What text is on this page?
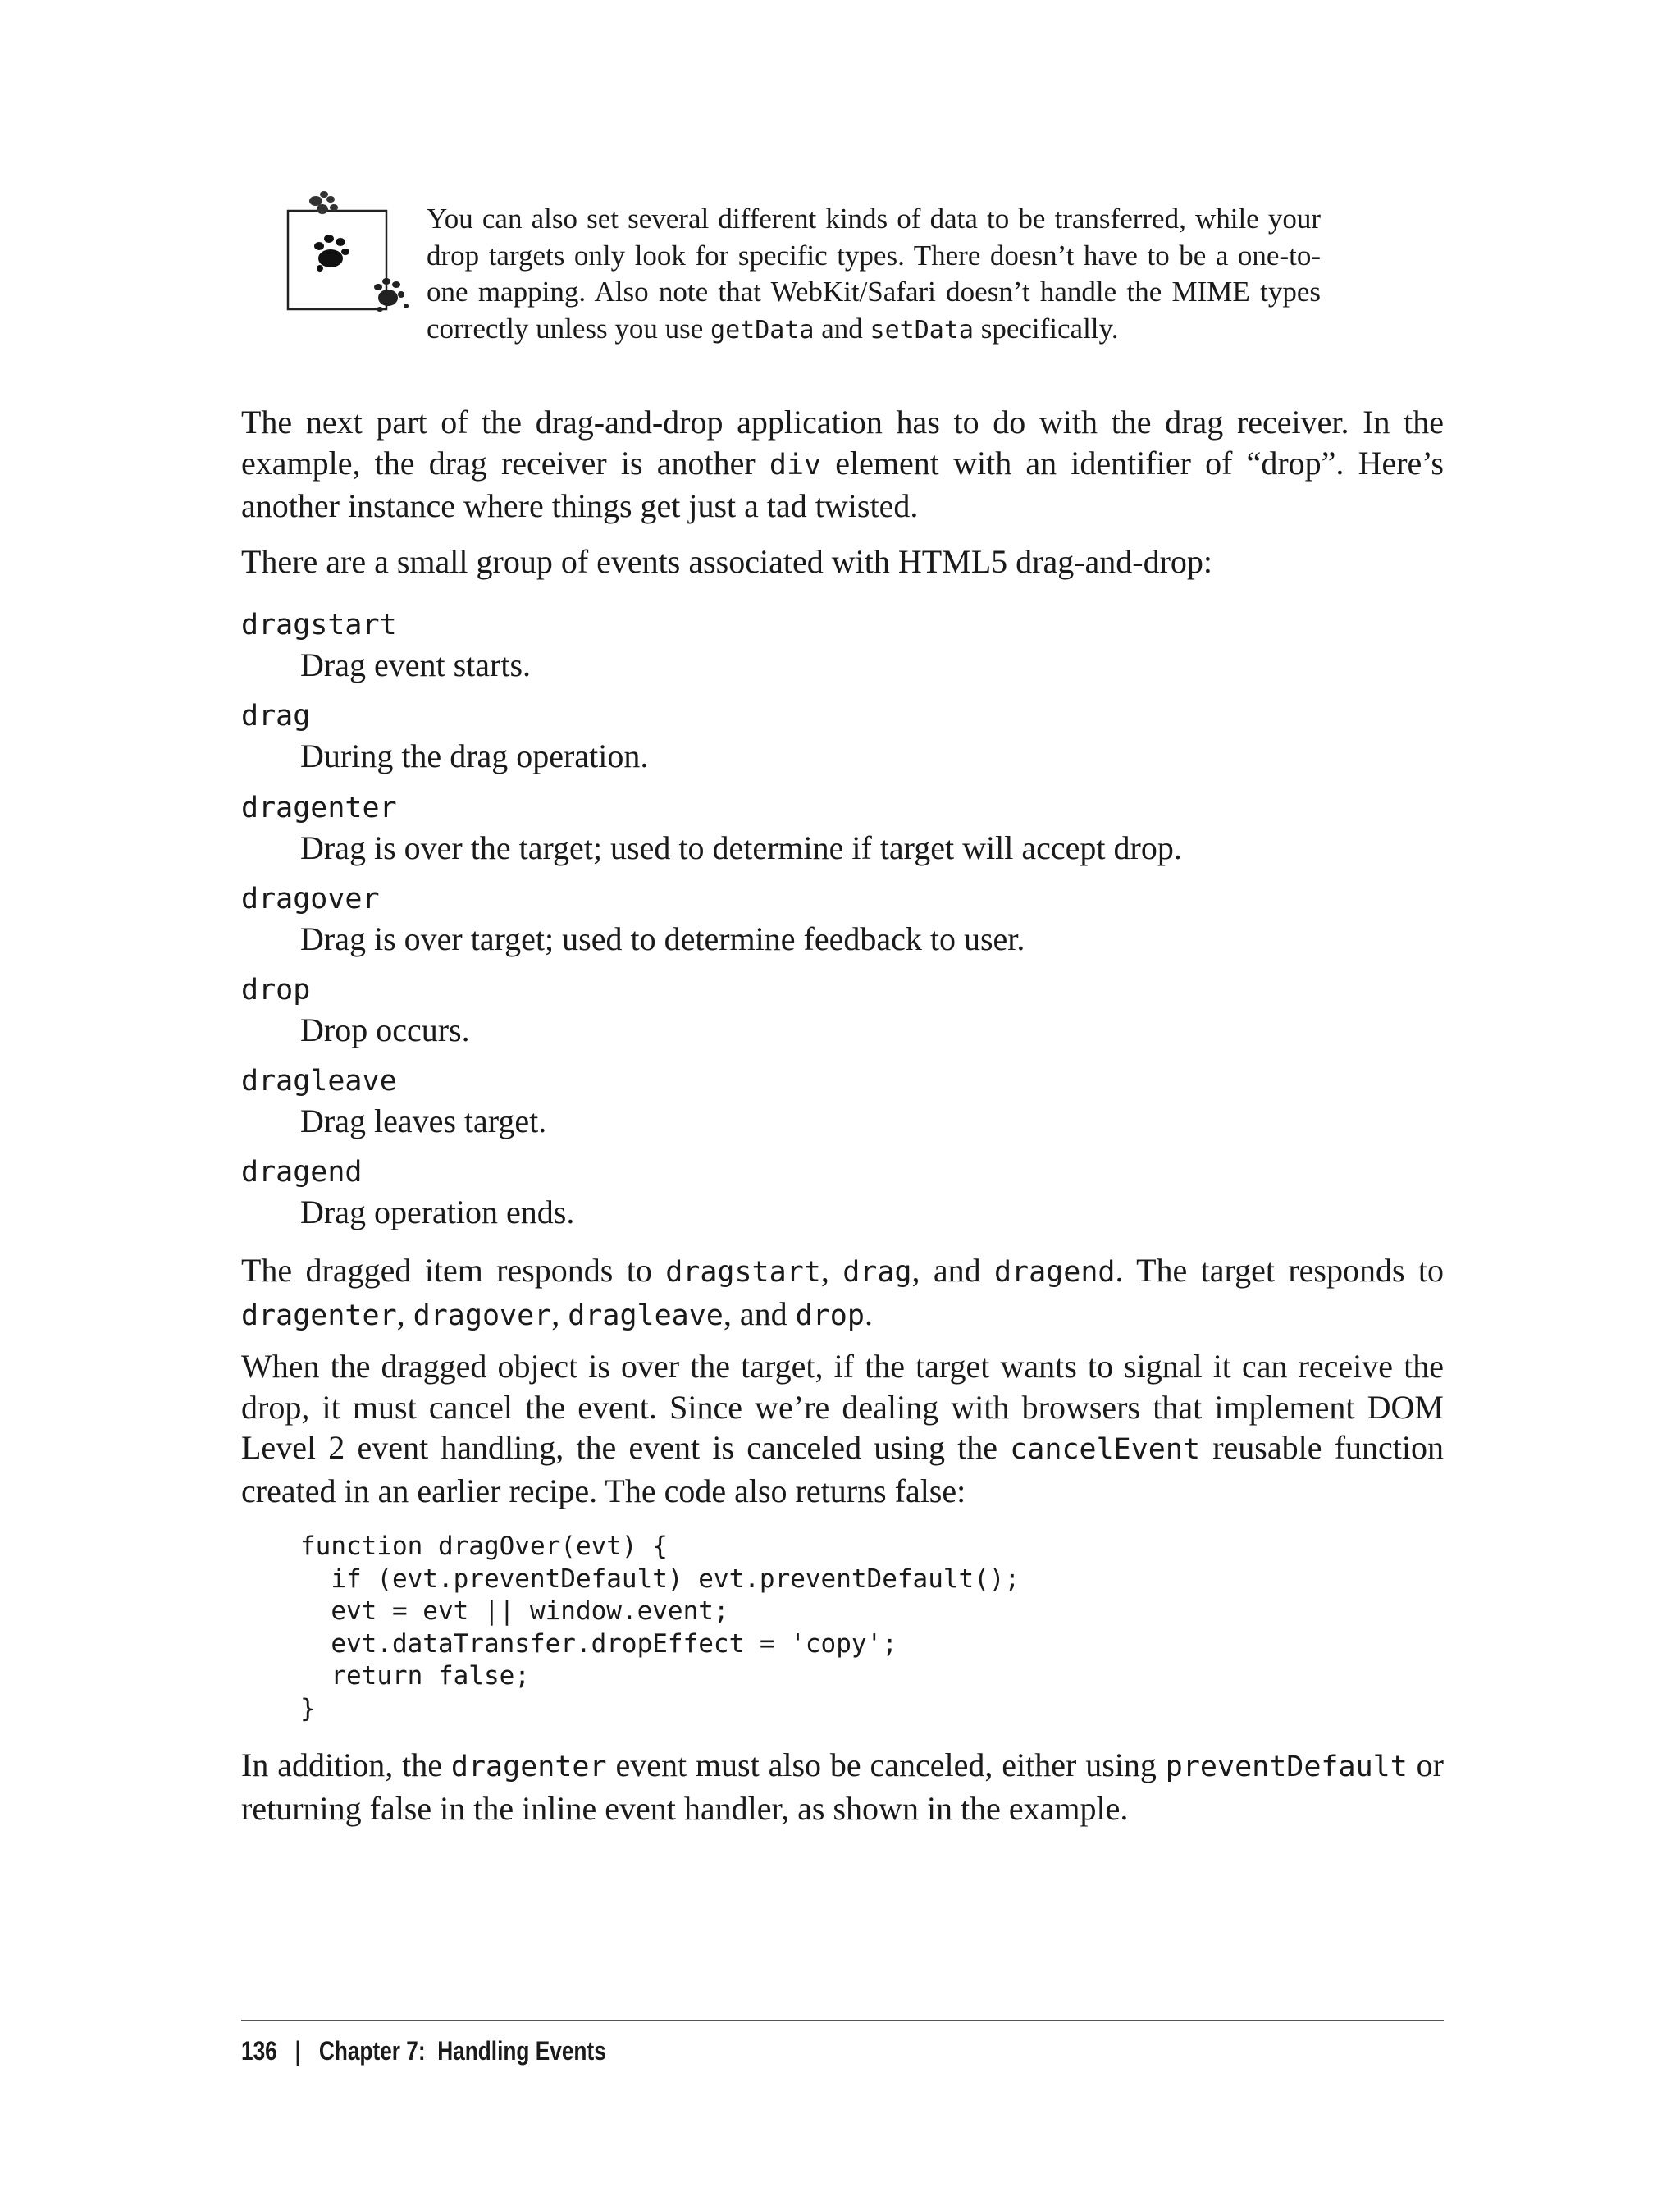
You can also set several different kinds of data to be transferred, while your drop targets only look for specific types. There doesn’t have to be a one-to-one mapping. Also note that WebKit/Safari doesn’t handle the MIME types correctly unless you use getData and setData specifically.

The next part of the drag-and-drop application has to do with the drag receiver. In the example, the drag receiver is another div element with an identifier of “drop”. Here’s another instance where things get just a tad twisted.

There are a small group of events associated with HTML5 drag-and-drop:

dragstart
Drag event starts.
drag
During the drag operation.
dragenter
Drag is over the target; used to determine if target will accept drop.
dragover
Drag is over target; used to determine feedback to user.
drop
Drop occurs.
dragleave
Drag leaves target.
dragend
Drag operation ends.

The dragged item responds to dragstart, drag, and dragend. The target responds to dragenter, dragover, dragleave, and drop.

When the dragged object is over the target, if the target wants to signal it can receive the drop, it must cancel the event. Since we’re dealing with browsers that implement DOM Level 2 event handling, the event is canceled using the cancelEvent reusable function created in an earlier recipe. The code also returns false:

function dragOver(evt) {
if (evt.preventDefault) evt.preventDefault();
evt = evt || window.event;
evt.dataTransfer.dropEffect = 'copy';
return false;
}

In addition, the dragenter event must also be canceled, either using preventDefault or returning false in the inline event handler, as shown in the example.

136 | Chapter 7:  Handling Events
